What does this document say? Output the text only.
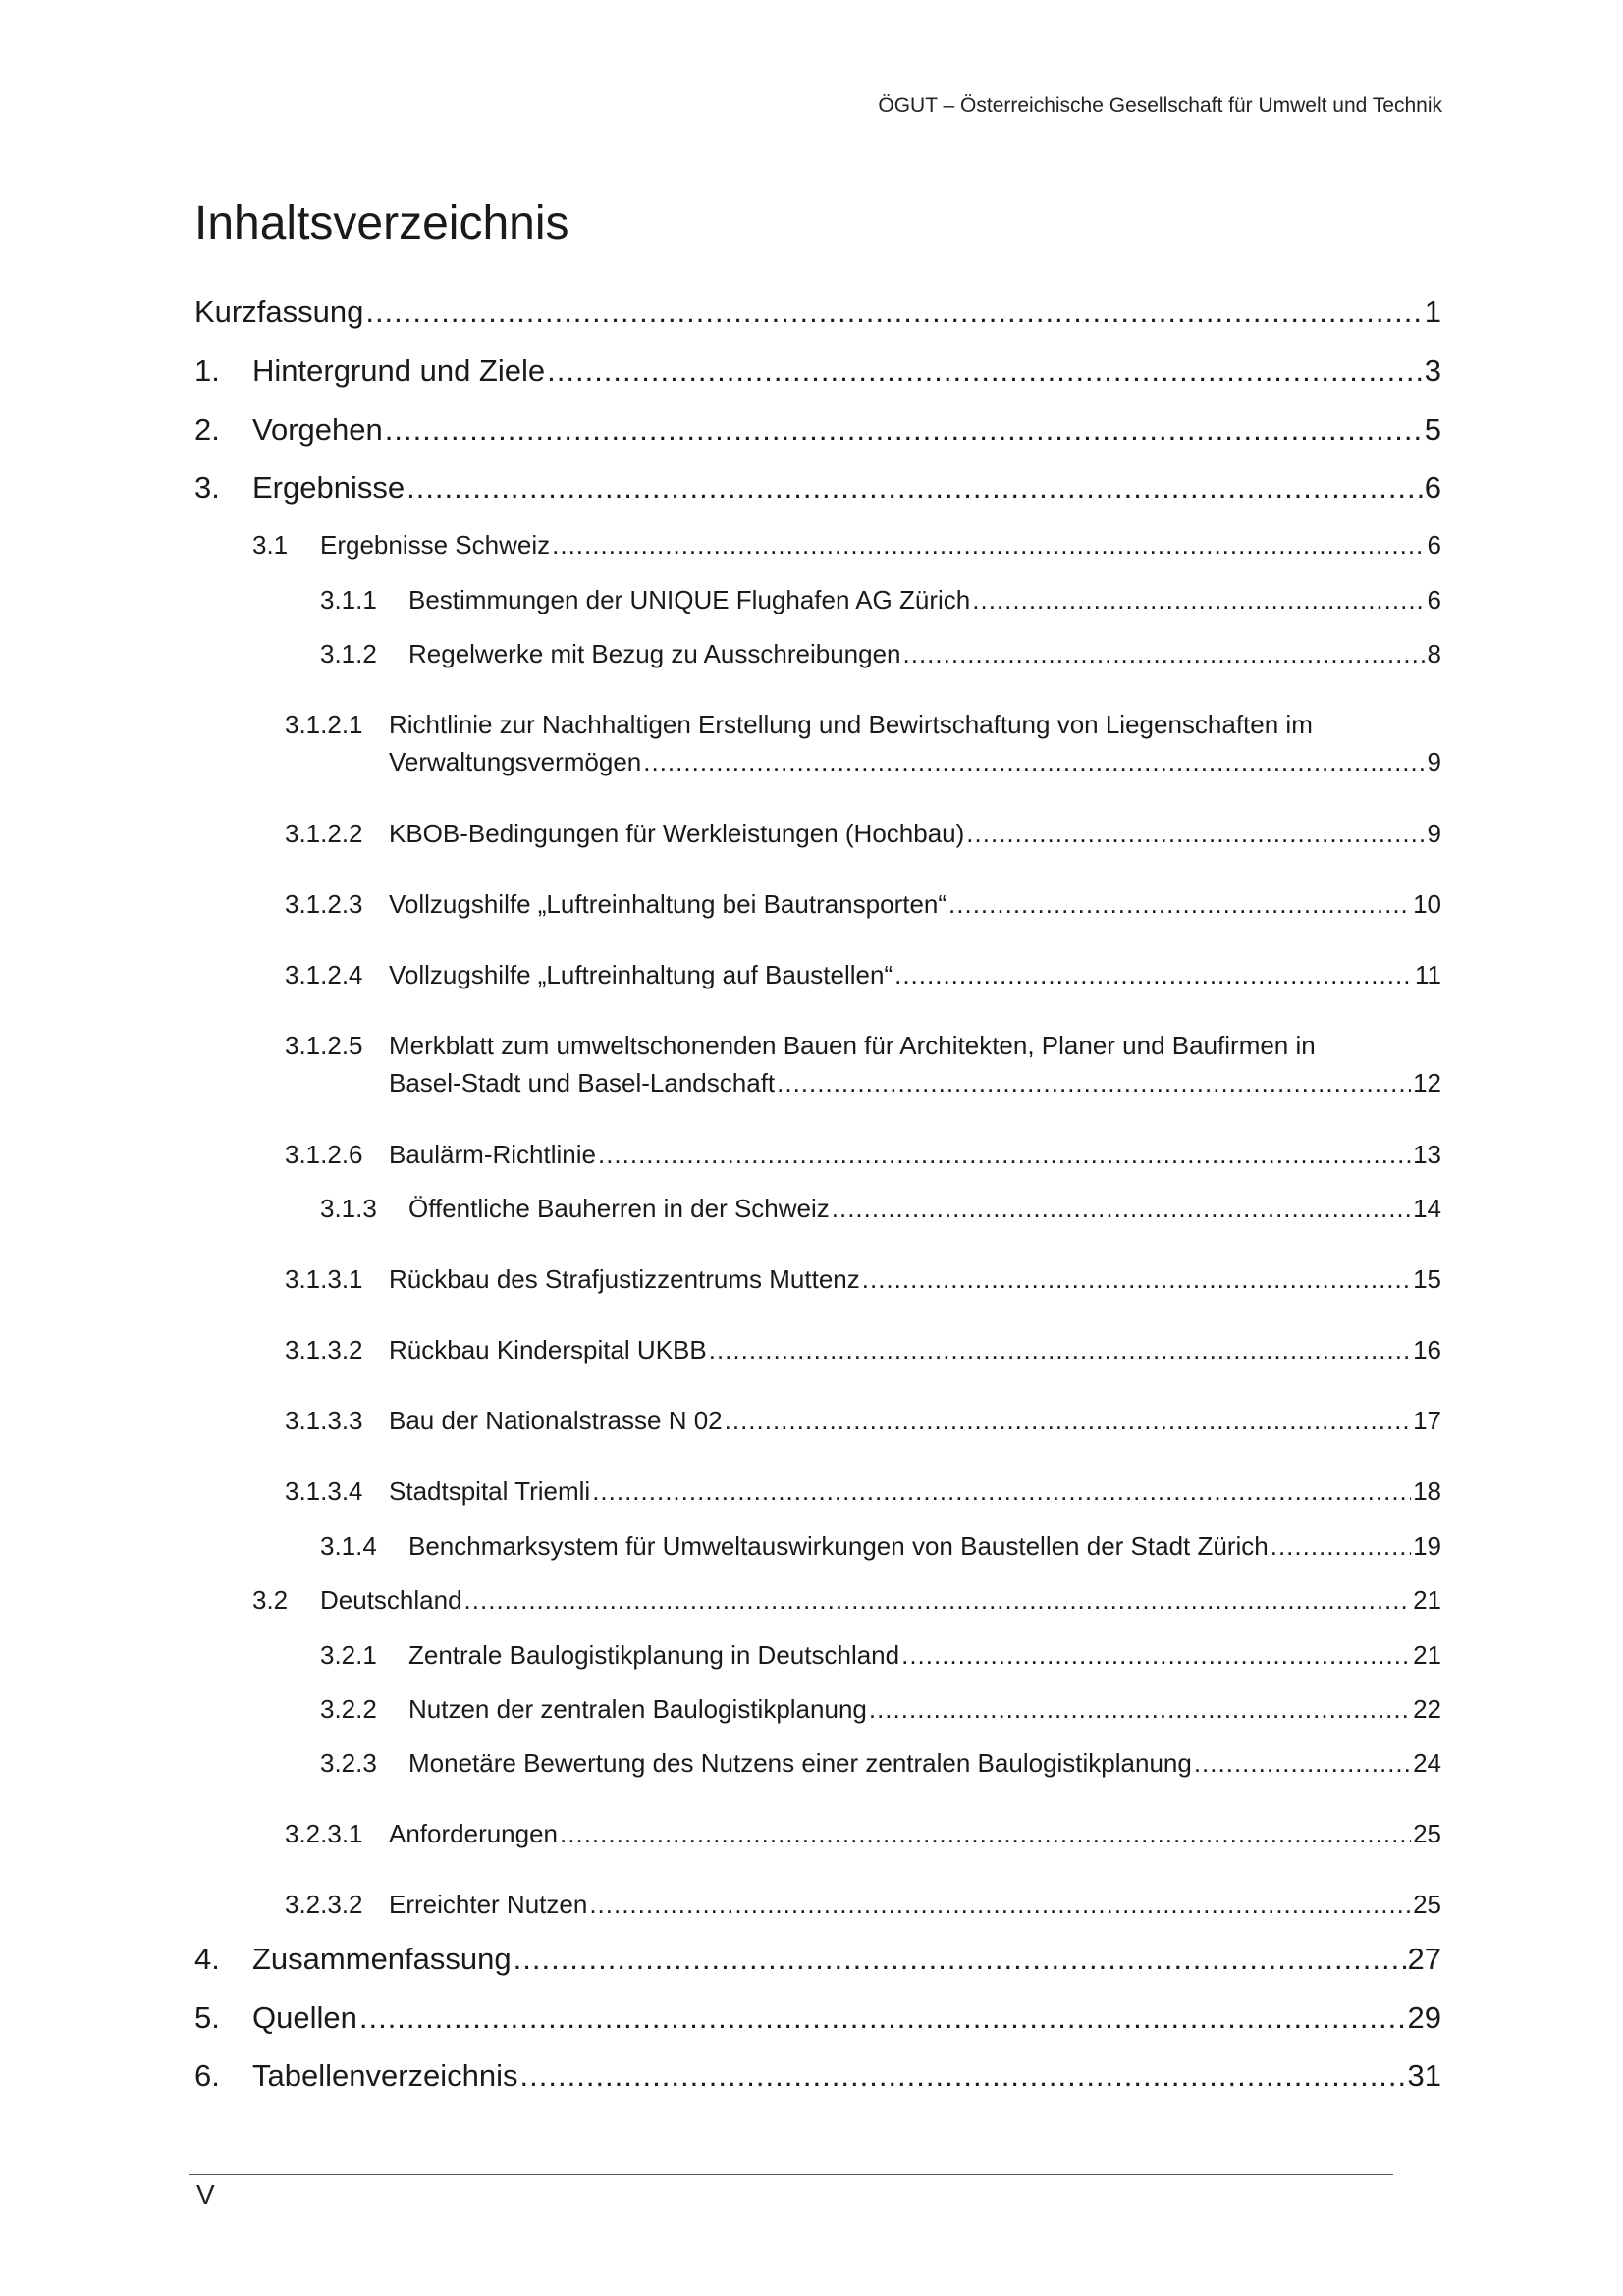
ÖGUT – Österreichische Gesellschaft für Umwelt und Technik
Inhaltsverzeichnis
Kurzfassung .....	1
1.	Hintergrund und Ziele .....	3
2.	Vorgehen .....	5
3.	Ergebnisse .....	6
3.1	Ergebnisse Schweiz .....	6
3.1.1	Bestimmungen der UNIQUE Flughafen AG Zürich .....	6
3.1.2	Regelwerke mit Bezug zu Ausschreibungen .....	8
3.1.2.1	Richtlinie zur Nachhaltigen Erstellung und Bewirtschaftung von Liegenschaften im
Verwaltungsvermögen .....	9
3.1.2.2	KBOB-Bedingungen für Werkleistungen (Hochbau) .....	9
3.1.2.3	Vollzugshilfe „Luftreinhaltung bei Bautransporten“ .....	10
3.1.2.4	Vollzugshilfe „Luftreinhaltung auf Baustellen“ .....	11
3.1.2.5	Merkblatt zum umweltschonenden Bauen für Architekten, Planer und Baufirmen in
Basel-Stadt und Basel-Landschaft .....	12
3.1.2.6	Baulärm-Richtlinie .....	13
3.1.3	Öffentliche Bauherren in der Schweiz .....	14
3.1.3.1	Rückbau des Strafjustizzentrums Muttenz .....	15
3.1.3.2	Rückbau Kinderspital UKBB .....	16
3.1.3.3	Bau der Nationalstrasse N 02 .....	17
3.1.3.4	Stadtspital Triemli .....	18
3.1.4	Benchmarksystem für Umweltauswirkungen von Baustellen der Stadt Zürich .....	19
3.2	Deutschland .....	21
3.2.1	Zentrale Baulogistikplanung in Deutschland .....	21
3.2.2	Nutzen der zentralen Baulogistikplanung .....	22
3.2.3	Monetäre Bewertung des Nutzens einer zentralen Baulogistikplanung .....	24
3.2.3.1	Anforderungen .....	25
3.2.3.2	Erreichter Nutzen .....	25
4.	Zusammenfassung .....	27
5.	Quellen .....	29
6.	Tabellenverzeichnis .....	31
V
